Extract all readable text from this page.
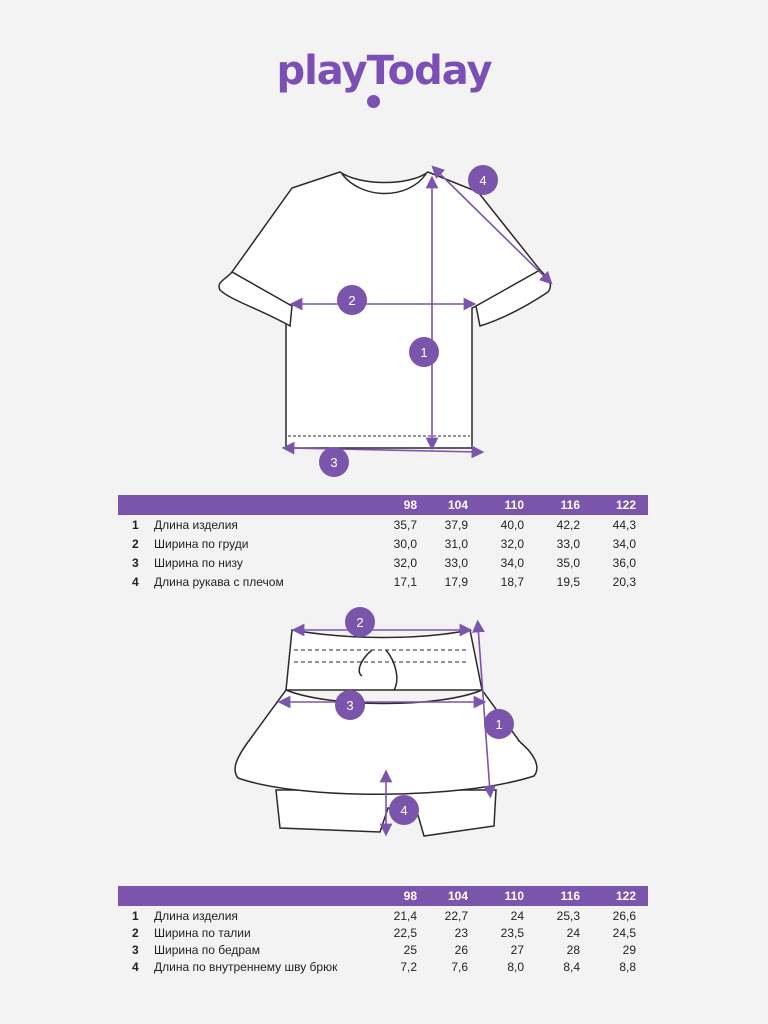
playToday
1
2
3
4
1
2
3
4
98	104	110	116	122
1 Длина изделия	35,7	37,9	40,0	42,2	44,3
2 Ширина по груди	30,0	31,0	32,0	33,0	34,0
3 Ширина по низу	32,0	33,0	34,0	35,0	36,0
4 Длина рукава с плечом	17,1	17,9	18,7	19,5	20,3
98	104	110	116	122
1 Длина изделия	21,4	22,7	24	25,3	26,6
2 Ширина по талии	22,5	23	23,5	24	24,5
3 Ширина по бедрам	25	26	27	28	29
4 Длина по внутреннему шву брюк	7,2	7,6	8,0	8,4	8,8
